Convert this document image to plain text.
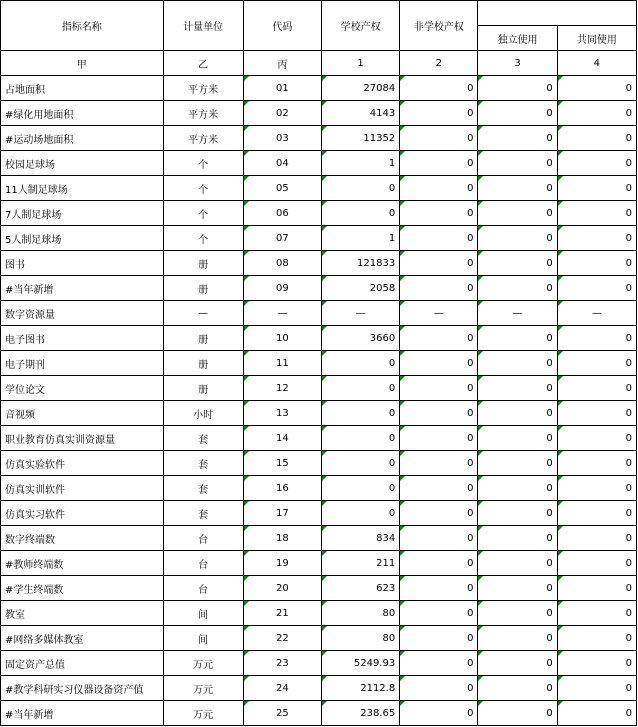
指标名称	计量单位	代码	学校产权	非学校产权		
					独立使用	共同使用
甲	乙	丙	1	2	3	4
占地面积	平方米	01	27084	0	0	0
#绿化用地面积	平方米	02	4143	0	0	0
#运动场地面积	平方米	03	11352	0	0	0
校园足球场	个	04	1	0	0	0
11人制足球场	个	05	0	0	0	0
7人制足球场	个	06	0	0	0	0
5人制足球场	个	07	1	0	0	0
图书	册	08	121833	0	0	0
#当年新增	册	09	2058	0	0	0
数字资源量	—	—	—	—	—	—
电子图书	册	10	3660	0	0	0
电子期刊	册	11	0	0	0	0
学位论文	册	12	0	0	0	0
音视频	小时	13	0	0	0	0
职业教育仿真实训资源量	套	14	0	0	0	0
仿真实验软件	套	15	0	0	0	0
仿真实训软件	套	16	0	0	0	0
仿真实习软件	套	17	0	0	0	0
数字终端数	台	18	834	0	0	0
#教师终端数	台	19	211	0	0	0
#学生终端数	台	20	623	0	0	0
教室	间	21	80	0	0	0
#网络多媒体教室	间	22	80	0	0	0
固定资产总值	万元	23	5249.93	0	0	0
#教学科研实习仪器设备资产值	万元	24	2112.8	0	0	0
#当年新增	万元	25	238.65	0	0	0
